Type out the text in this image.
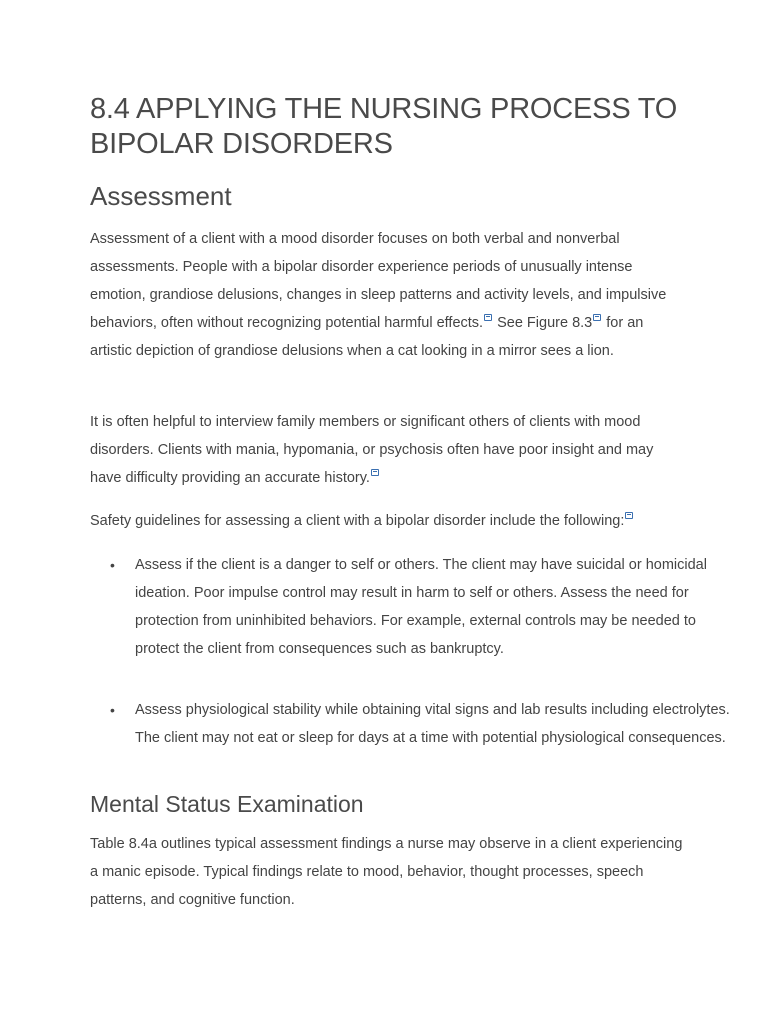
8.4 APPLYING THE NURSING PROCESS TO BIPOLAR DISORDERS
Assessment

Assessment of a client with a mood disorder focuses on both verbal and nonverbal assessments. People with a bipolar disorder experience periods of unusually intense emotion, grandiose delusions, changes in sleep patterns and activity levels, and impulsive behaviors, often without recognizing potential harmful effects. See Figure 8.3 for an artistic depiction of grandiose delusions when a cat looking in a mirror sees a lion.

It is often helpful to interview family members or significant others of clients with mood disorders. Clients with mania, hypomania, or psychosis often have poor insight and may have difficulty providing an accurate history.

Safety guidelines for assessing a client with a bipolar disorder include the following:

• Assess if the client is a danger to self or others. The client may have suicidal or homicidal ideation. Poor impulse control may result in harm to self or others. Assess the need for protection from uninhibited behaviors. For example, external controls may be needed to protect the client from consequences such as bankruptcy.
• Assess physiological stability while obtaining vital signs and lab results including electrolytes. The client may not eat or sleep for days at a time with potential physiological consequences.
Mental Status Examination

Table 8.4a outlines typical assessment findings a nurse may observe in a client experiencing a manic episode. Typical findings relate to mood, behavior, thought processes, speech patterns, and cognitive function.
